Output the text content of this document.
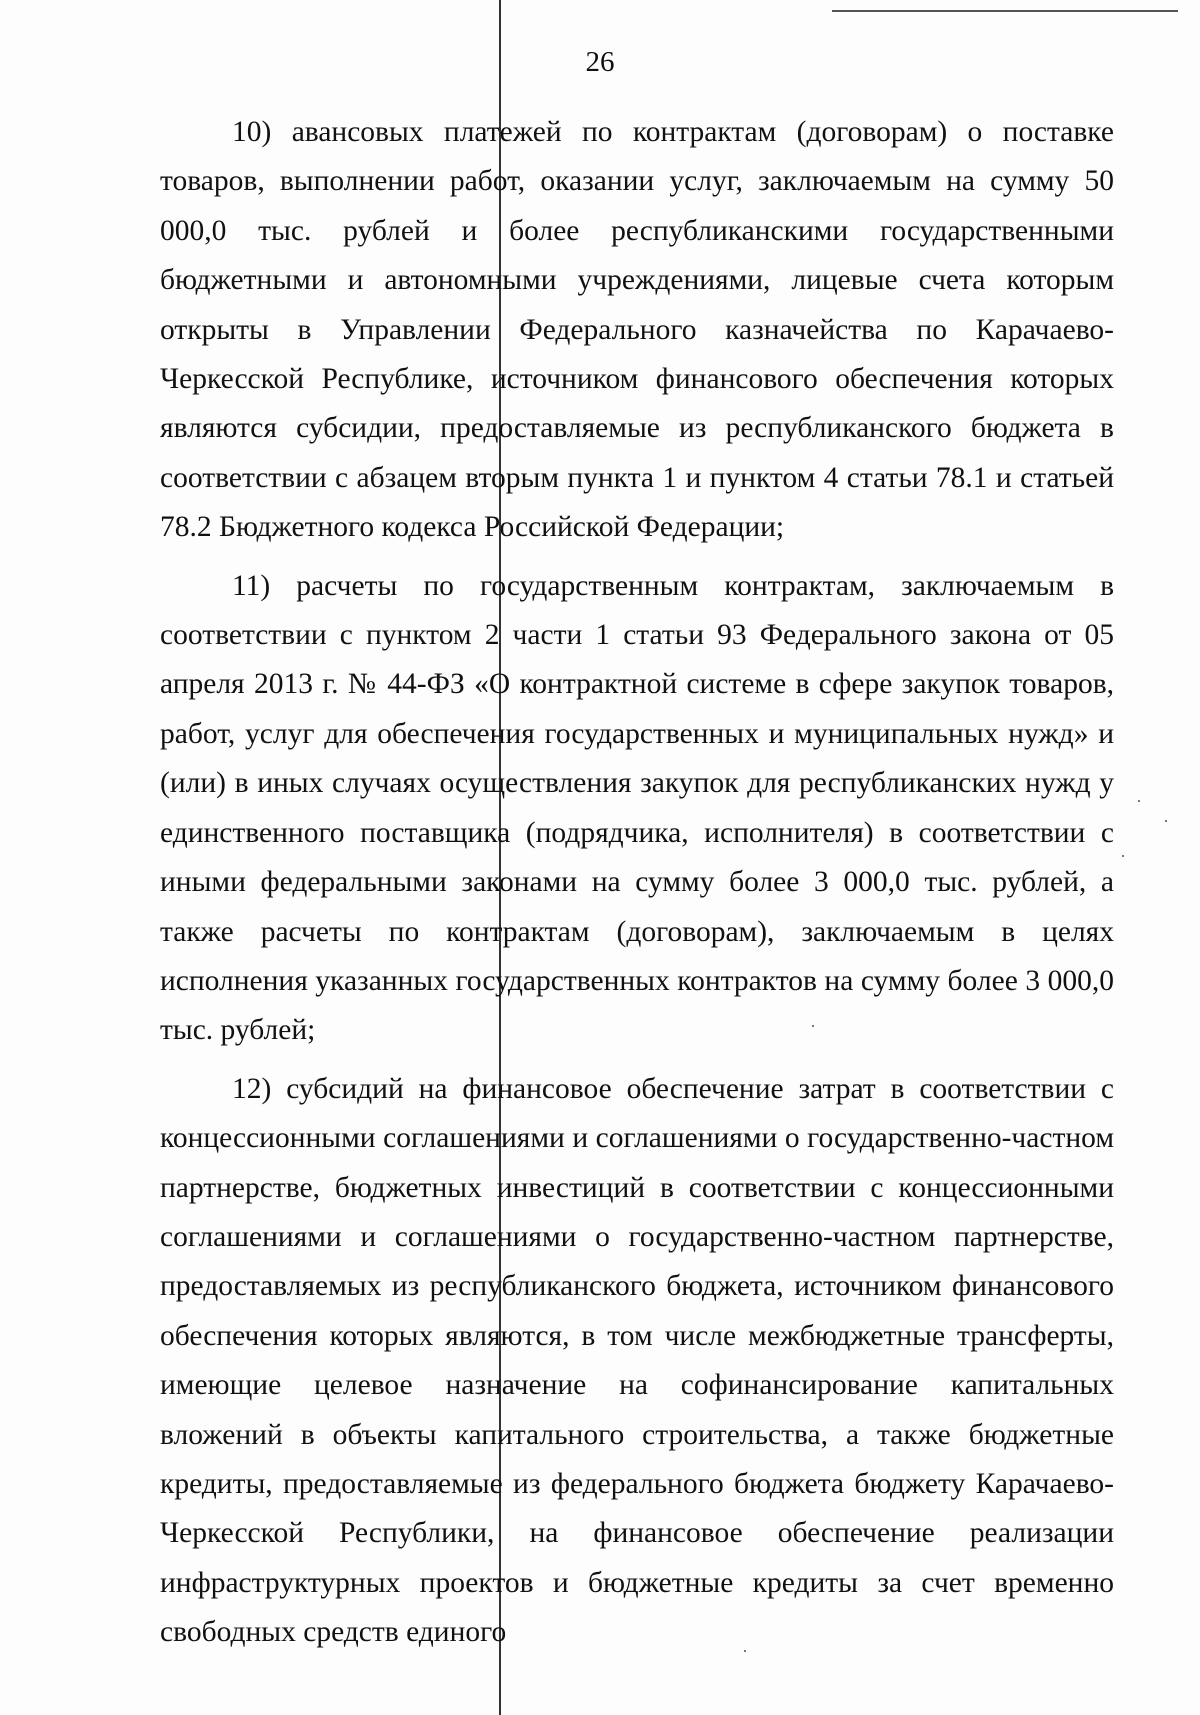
26

10) авансовых платежей по контрактам (договорам) о поставке товаров, выполнении работ, оказании услуг, заключаемым на сумму 50 000,0 тыс. рублей и более республиканскими государственными бюджетными и автономными учреждениями, лицевые счета которым открыты в Управлении Федерального казначейства по Карачаево-Черкесской Республике, источником финансового обеспечения которых являются субсидии, предоставляемые из республиканского бюджета в соответствии с абзацем вторым пункта 1 и пунктом 4 статьи 78.1 и статьей 78.2 Бюджетного кодекса Российской Федерации;

11) расчеты по государственным контрактам, заключаемым в соответствии с пунктом 2 части 1 статьи 93 Федерального закона от 05 апреля 2013 г. № 44-ФЗ «О контрактной системе в сфере закупок товаров, работ, услуг для обеспечения государственных и муниципальных нужд» и (или) в иных случаях осуществления закупок для республиканских нужд у единственного поставщика (подрядчика, исполнителя) в соответствии с иными федеральными законами на сумму более 3 000,0 тыс. рублей, а также расчеты по контрактам (договорам), заключаемым в целях исполнения указанных государственных контрактов на сумму более 3 000,0 тыс. рублей;

12) субсидий на финансовое обеспечение затрат в соответствии с концессионными соглашениями и соглашениями о государственно-частном партнерстве, бюджетных инвестиций в соответствии с концессионными соглашениями и соглашениями о государственно-частном партнерстве, предоставляемых из республиканского бюджета, источником финансового обеспечения которых являются, в том числе межбюджетные трансферты, имеющие целевое назначение на софинансирование капитальных вложений в объекты капитального строительства, а также бюджетные кредиты, предоставляемые из федерального бюджета бюджету Карачаево-Черкесской Республики, на финансовое обеспечение реализации инфраструктурных проектов и бюджетные кредиты за счет временно свободных средств единого
